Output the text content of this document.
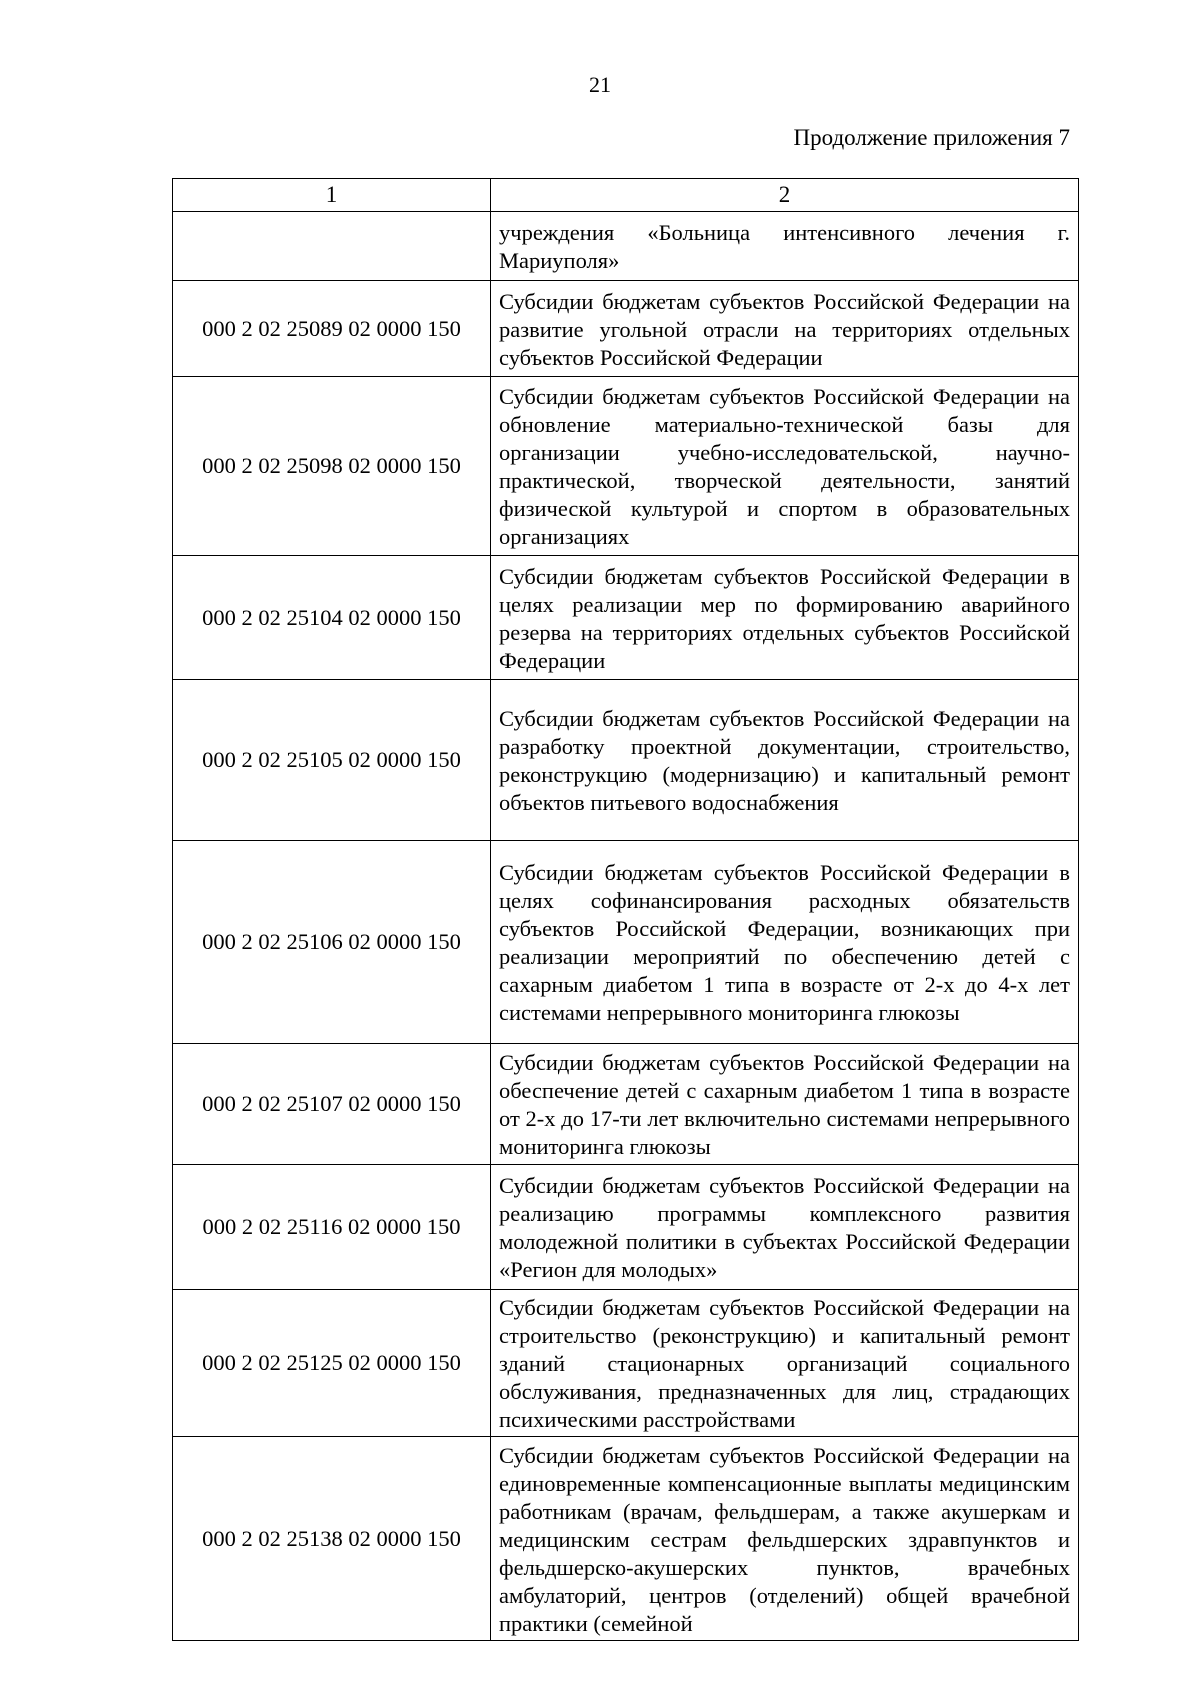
21
Продолжение приложения 7
1	2
	учреждения «Больница интенсивного лечения г. Мариуполя»
000 2 02 25089 02 0000 150	Субсидии бюджетам субъектов Российской Федерации на развитие угольной отрасли на территориях отдельных субъектов Российской Федерации
000 2 02 25098 02 0000 150	Субсидии бюджетам субъектов Российской Федерации на обновление материально-технической базы для организации учебно-исследовательской, научно-практической, творческой деятельности, занятий физической культурой и спортом в образовательных организациях
000 2 02 25104 02 0000 150	Субсидии бюджетам субъектов Российской Федерации в целях реализации мер по формированию аварийного резерва на территориях отдельных субъектов Российской Федерации
000 2 02 25105 02 0000 150	Субсидии бюджетам субъектов Российской Федерации на разработку проектной документации, строительство, реконструкцию (модернизацию) и капитальный ремонт объектов питьевого водоснабжения
000 2 02 25106 02 0000 150	Субсидии бюджетам субъектов Российской Федерации в целях софинансирования расходных обязательств субъектов Российской Федерации, возникающих при реализации мероприятий по обеспечению детей с сахарным диабетом 1 типа в возрасте от 2-х до 4-х лет системами непрерывного мониторинга глюкозы
000 2 02 25107 02 0000 150	Субсидии бюджетам субъектов Российской Федерации на обеспечение детей с сахарным диабетом 1 типа в возрасте от 2-х до 17-ти лет включительно системами непрерывного мониторинга глюкозы
000 2 02 25116 02 0000 150	Субсидии бюджетам субъектов Российской Федерации на реализацию программы комплексного развития молодежной политики в субъектах Российской Федерации «Регион для молодых»
000 2 02 25125 02 0000 150	Субсидии бюджетам субъектов Российской Федерации на строительство (реконструкцию) и капитальный ремонт зданий стационарных организаций социального обслуживания, предназначенных для лиц, страдающих психическими расстройствами
000 2 02 25138 02 0000 150	Субсидии бюджетам субъектов Российской Федерации на единовременные компенсационные выплаты медицинским работникам (врачам, фельдшерам, а также акушеркам и медицинским сестрам фельдшерских здравпунктов и фельдшерско-акушерских пунктов, врачебных амбулаторий, центров (отделений) общей врачебной практики (семейной
